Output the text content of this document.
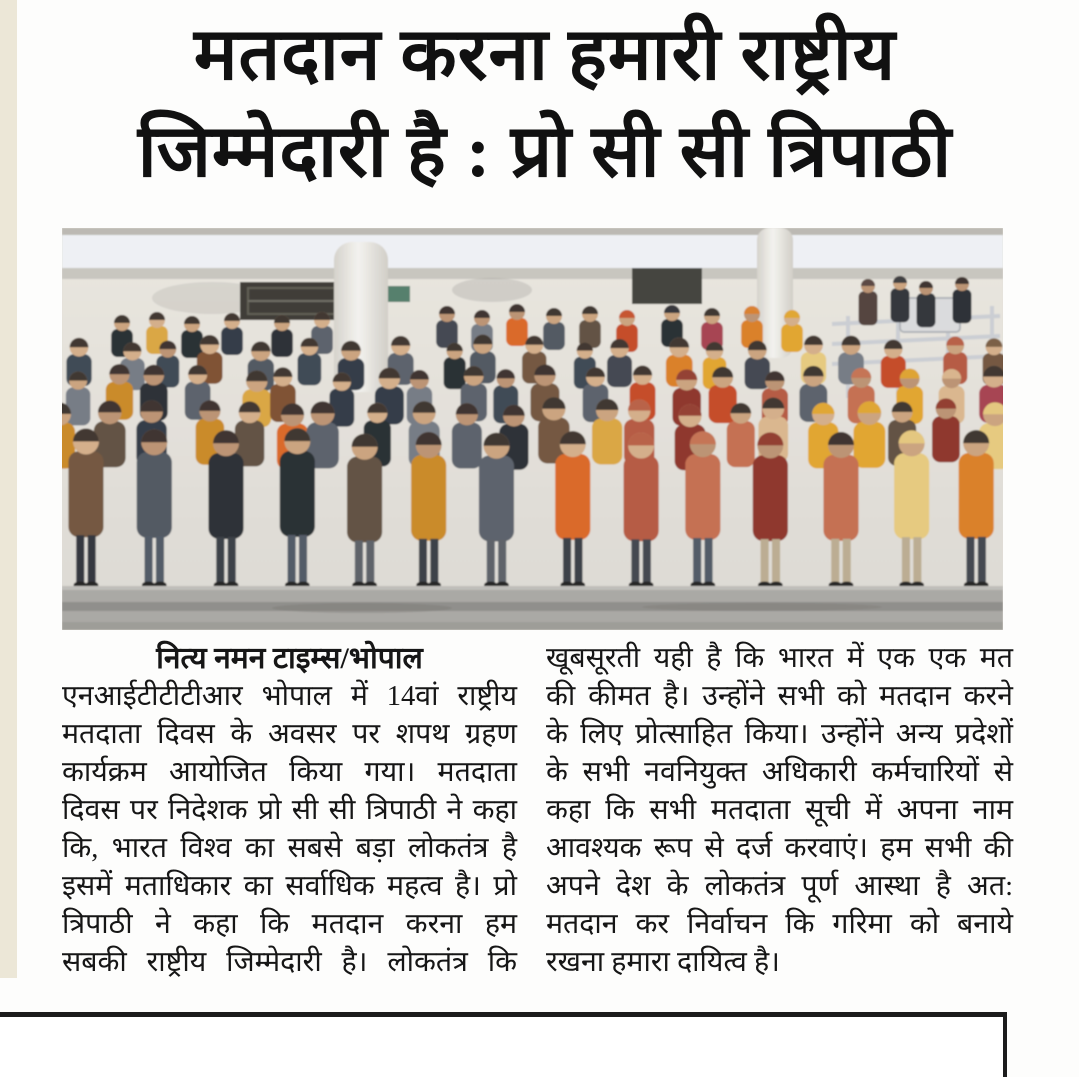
मतदान करना हमारी राष्ट्रीय
जिम्मेदारी है : प्रो सी सी त्रिपाठी
नित्य नमन टाइम्स/भोपाल
एनआईटीटीटीआर भोपाल में 14वां राष्ट्रीय
मतदाता दिवस के अवसर पर शपथ ग्रहण
कार्यक्रम आयोजित किया गया। मतदाता
दिवस पर निदेशक प्रो सी सी त्रिपाठी ने कहा
कि, भारत विश्व का सबसे बड़ा लोकतंत्र है
इसमें मताधिकार का सर्वाधिक महत्व है। प्रो
त्रिपाठी ने कहा कि मतदान करना हम
सबकी राष्ट्रीय जिम्मेदारी है। लोकतंत्र कि
खूबसूरती यही है कि भारत में एक एक मत
की कीमत है। उन्होंने सभी को मतदान करने
के लिए प्रोत्साहित किया। उन्होंने अन्य प्रदेशों
के सभी नवनियुक्त अधिकारी कर्मचारियों से
कहा कि सभी मतदाता सूची में अपना नाम
आवश्यक रूप से दर्ज करवाएं। हम सभी की
अपने देश के लोकतंत्र पूर्ण आस्था है अत:
मतदान कर निर्वाचन कि गरिमा को बनाये
रखना हमारा दायित्व है।
